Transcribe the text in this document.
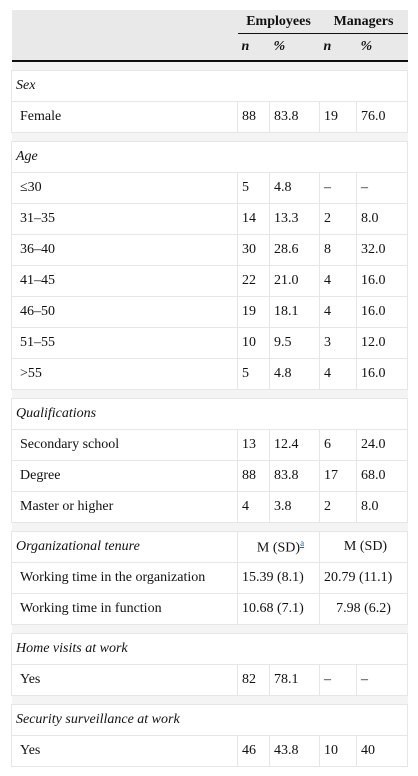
	Employees		Managers	
	n	%	n	%

Sex				
Female	88	83.8	19	76.0

Age				
≤30	5	4.8	–	–
31–35	14	13.3	2	8.0
36–40	30	28.6	8	32.0
41–45	22	21.0	4	16.0
46–50	19	18.1	4	16.0
51–55	10	9.5	3	12.0
>55	5	4.8	4	16.0

Qualifications				
Secondary school	13	12.4	6	24.0
Degree	88	83.8	17	68.0
Master or higher	4	3.8	2	8.0

Organizational tenure	M (SD)$^a$		M (SD)	
Working time in the organization	15.39 (8.1)		20.79 (11.1)	
Working time in function	10.68 (7.1)		7.98 (6.2)	

Home visits at work				
Yes	82	78.1	–	–

Security surveillance at work				
Yes	46	43.8	10	40
